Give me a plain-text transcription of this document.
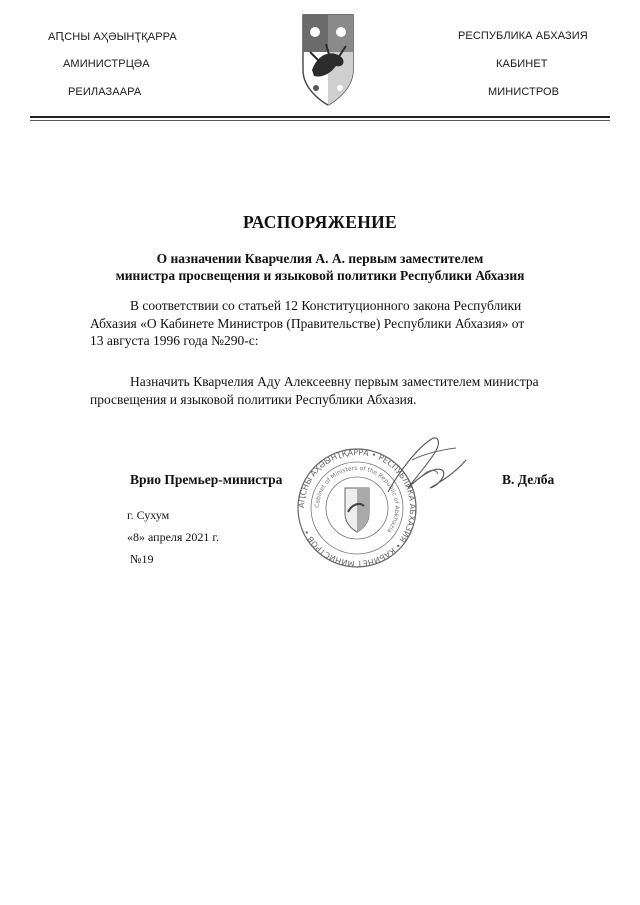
АԤСНЫ АҲӘЫНҬҚАРРА
АМИНИСТРЦӘА
РЕИЛАЗААРА
РЕСПУБЛИКА АБХАЗИЯ
КАБИНЕТ
МИНИСТРОВ
РАСПОРЯЖЕНИЕ
О назначении Кварчелия А. А. первым заместителем
министра просвещения и языковой политики Республики Абхазия
В соответствии со статьей 12 Конституционного закона Республики
Абхазия «О Кабинете Министров (Правительстве) Республики Абхазия» от
13 августа 1996 года №290-с:
Назначить Кварчелия Аду Алексеевну первым заместителем министра
просвещения и языковой политики Республики Абхазия.
АԤСНЫ АҲӘЫНҬҚАРРА • РЕСПУБЛИКА АБХАЗИЯ • КАБИНЕТ МИНИСТРОВ •
Cabinet of Ministers of the Republic of Abkhazia
Врио Премьер-министра	В. Делба
г. Сухум
«8» апреля 2021 г.
№19
